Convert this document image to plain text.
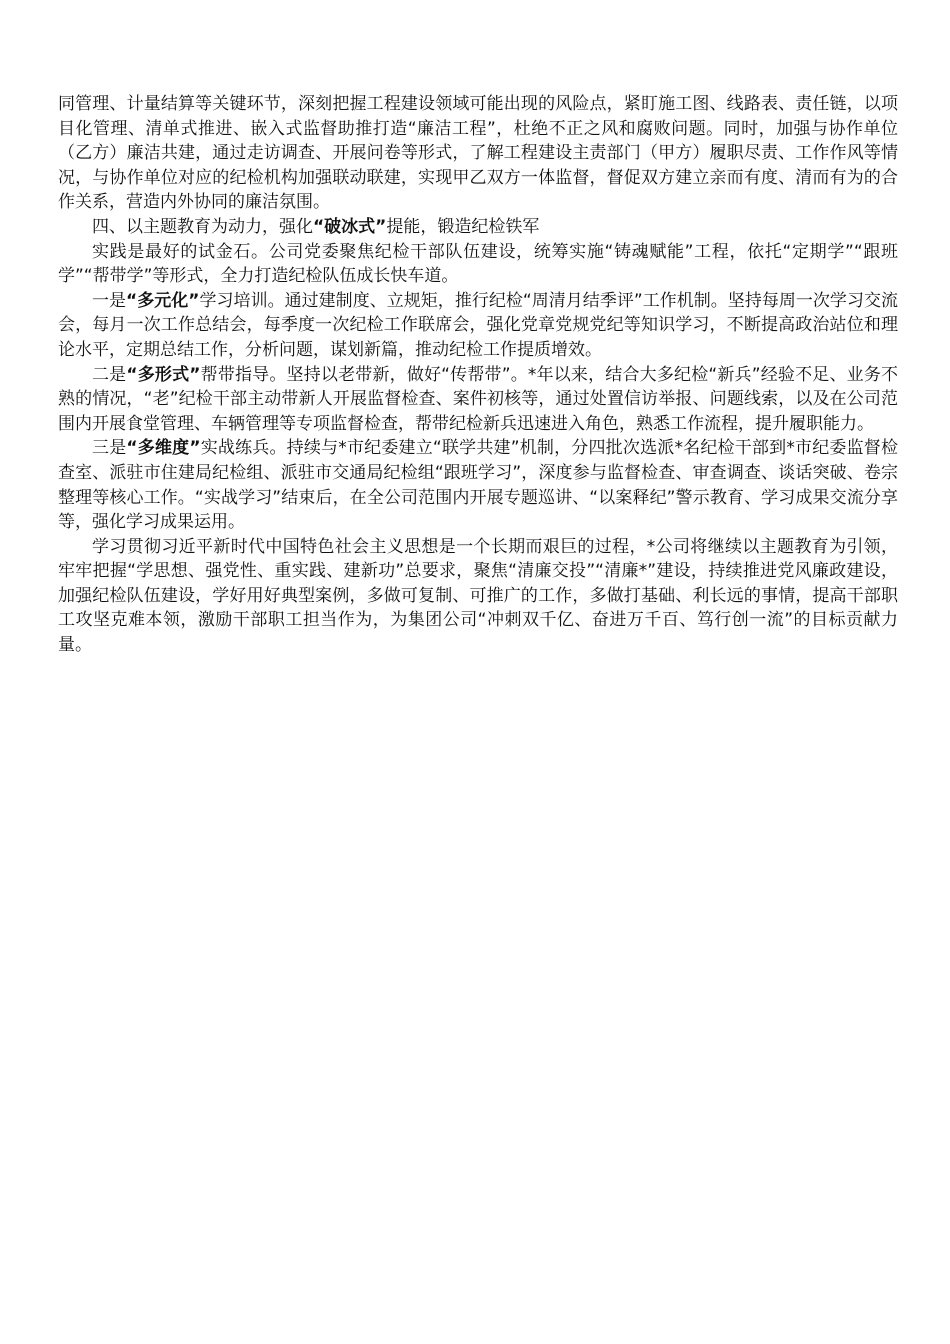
同管理、计量结算等关键环节，深刻把握工程建设领域可能出现的风险点，紧盯施工图、线路表、责任链，以项目化管理、清单式推进、嵌入式监督助推打造“廉洁工程”，杜绝不正之风和腐败问题。同时，加强与协作单位（乙方）廉洁共建，通过走访调查、开展问卷等形式，了解工程建设主责部门（甲方）履职尽责、工作作风等情况，与协作单位对应的纪检机构加强联动联建，实现甲乙双方一体监督，督促双方建立亲而有度、清而有为的合作关系，营造内外协同的廉洁氛围。

四、以主题教育为动力，强化“破冰式”提能，锻造纪检铁军

实践是最好的试金石。公司党委聚焦纪检干部队伍建设，统筹实施“铸魂赋能”工程，依托“定期学”“跟班学”“帮带学”等形式，全力打造纪检队伍成长快车道。

一是“多元化”学习培训。通过建制度、立规矩，推行纪检“周清月结季评”工作机制。坚持每周一次学习交流会，每月一次工作总结会，每季度一次纪检工作联席会，强化党章党规党纪等知识学习，不断提高政治站位和理论水平，定期总结工作，分析问题，谋划新篇，推动纪检工作提质增效。

二是“多形式”帮带指导。坚持以老带新，做好“传帮带”。*年以来，结合大多纪检“新兵”经验不足、业务不熟的情况，“老”纪检干部主动带新人开展监督检查、案件初核等，通过处置信访举报、问题线索，以及在公司范围内开展食堂管理、车辆管理等专项监督检查，帮带纪检新兵迅速进入角色，熟悉工作流程，提升履职能力。

三是“多维度”实战练兵。持续与*市纪委建立“联学共建”机制，分四批次选派*名纪检干部到*市纪委监督检查室、派驻市住建局纪检组、派驻市交通局纪检组“跟班学习”，深度参与监督检查、审查调查、谈话突破、卷宗整理等核心工作。“实战学习”结束后，在全公司范围内开展专题巡讲、“以案释纪”警示教育、学习成果交流分享等，强化学习成果运用。

学习贯彻习近平新时代中国特色社会主义思想是一个长期而艰巨的过程，*公司将继续以主题教育为引领，牢牢把握“学思想、强党性、重实践、建新功”总要求，聚焦“清廉交投”“清廉*”建设，持续推进党风廉政建设，加强纪检队伍建设，学好用好典型案例，多做可复制、可推广的工作，多做打基础、利长远的事情，提高干部职工攻坚克难本领，激励干部职工担当作为，为集团公司“冲刺双千亿、奋进万千百、笃行创一流”的目标贡献力量。
